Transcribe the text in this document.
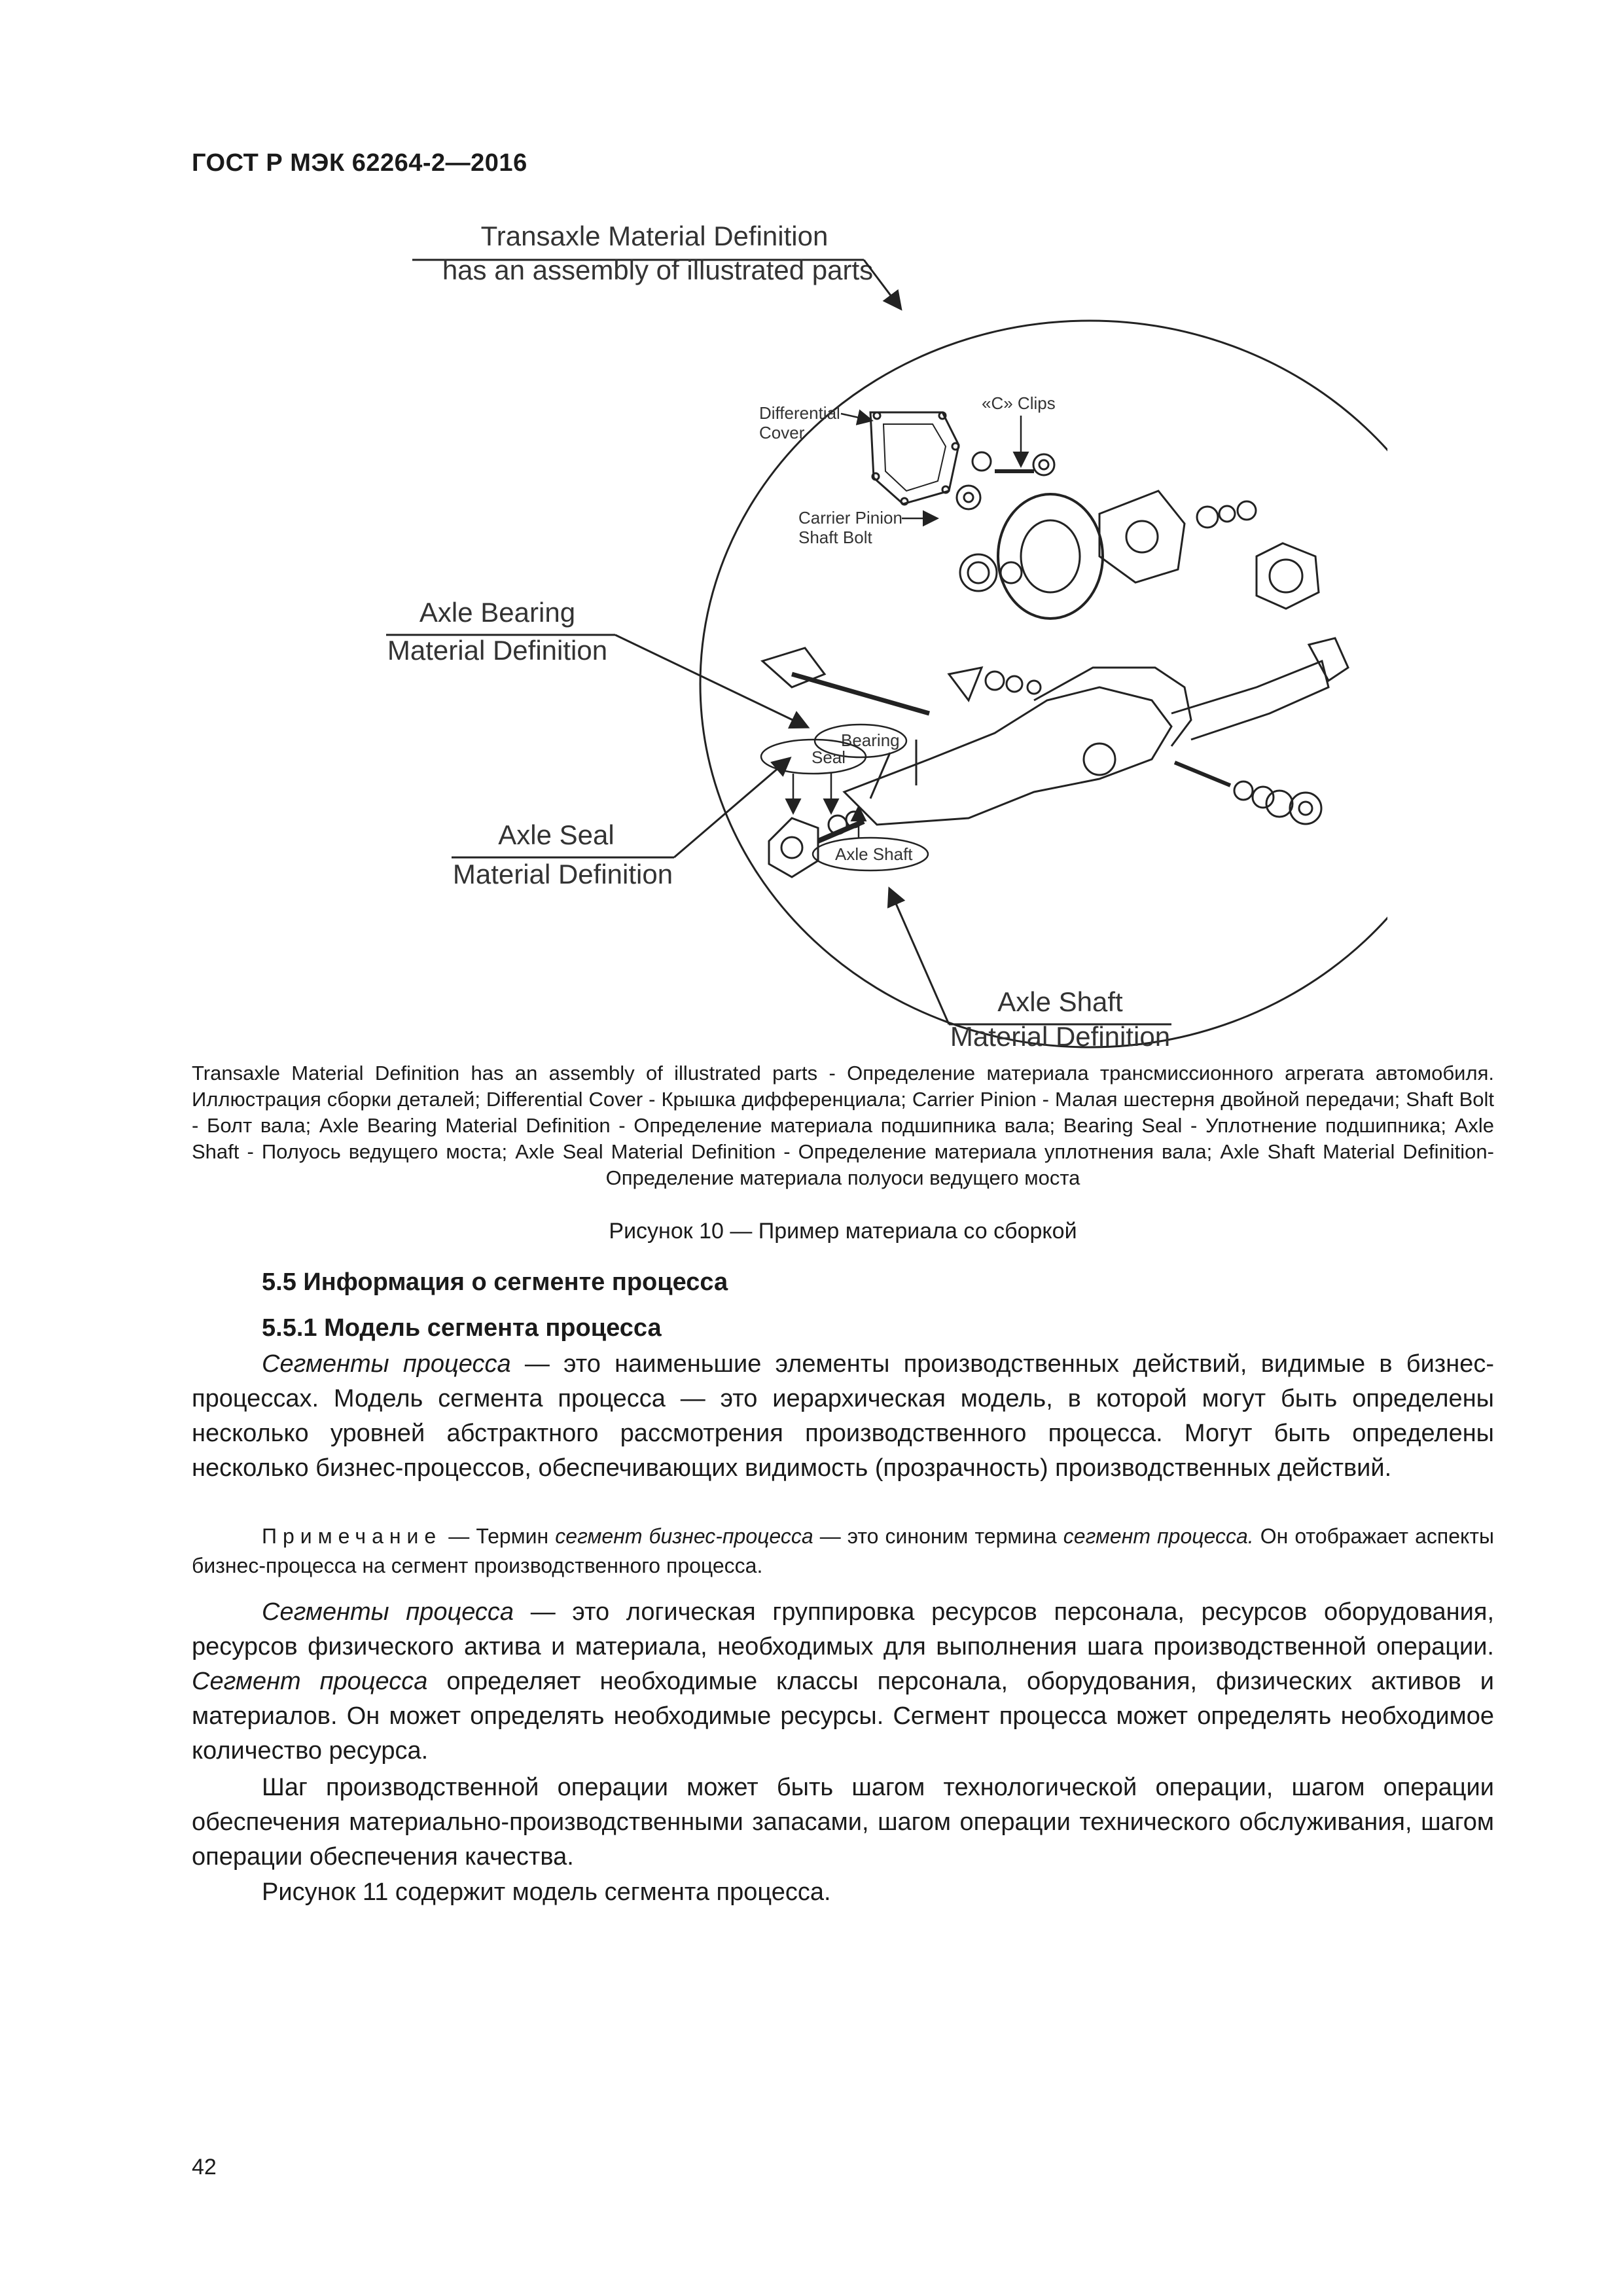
ГОСТ Р МЭК 62264-2—2016
Transaxle Material Definition
has an assembly of illustrated parts
Axle Bearing
Material Definition
Axle Seal
Material Definition
Axle Shaft
Material Definition
Differential
Cover
«C» Clips
Carrier Pinion
Shaft Bolt
Bearing
Seal
Axle Shaft
Transaxle Material Definition has an assembly of illustrated parts - Определение материала трансмиссионного агрегата автомобиля. Иллюстрация сборки деталей; Differential Cover - Крышка дифференциала; Carrier Pinion - Малая шестерня двойной передачи; Shaft Bolt - Болт вала; Axle Bearing Material Definition - Определение материала подшипника вала; Bearing Seal - Уплотнение подшипника; Axle Shaft - Полуось ведущего моста; Axle Seal Material Definition - Определение материала уплотнения вала; Axle Shaft Material Definition- Определение материала полуоси ведущего моста
Рисунок 10 — Пример материала со сборкой
5.5 Информация о сегменте процесса
5.5.1 Модель сегмента процесса
Сегменты процесса — это наименьшие элементы производственных действий, видимые в бизнес-процессах. Модель сегмента процесса — это иерархическая модель, в которой могут быть определены несколько уровней абстрактного рассмотрения производственного процесса. Могут быть определены несколько бизнес-процессов, обеспечивающих видимость (прозрачность) производственных действий.
Примечание — Термин сегмент бизнес-процесса — это синоним термина сегмент процесса. Он отображает аспекты бизнес-процесса на сегмент производственного процесса.
Сегменты процесса — это логическая группировка ресурсов персонала, ресурсов оборудования, ресурсов физического актива и материала, необходимых для выполнения шага производственной операции. Сегмент процесса определяет необходимые классы персонала, оборудования, физических активов и материалов. Он может определять необходимые ресурсы. Сегмент процесса может определять необходимое количество ресурса.
Шаг производственной операции может быть шагом технологической операции, шагом операции обеспечения материально-производственными запасами, шагом операции технического обслуживания, шагом операции обеспечения качества.
Рисунок 11 содержит модель сегмента процесса.
42
